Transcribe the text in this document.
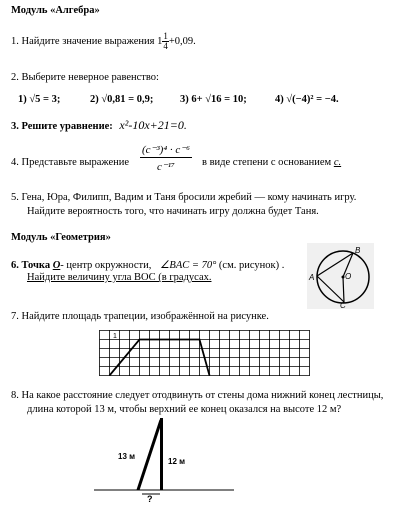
Модуль «Алгебра»
1. Найдите значение выражения $1 \frac{1}{4} +0,09$.
2. Выберите неверное равенство:
1) √5 = 3;	2) √0,81 = 0,9;	3) 6+ √16 = 10;	4) √(−4)² = −4.
3. Решите уравнение: x²-10x+21=0.
4. Представьте выражение $\frac{\text{(c⁻³)⁴ · c⁻⁶}}{\text{c⁻¹⁷}}$ в виде степени с основанием c.
5. Гена, Юра, Филипп, Вадим и Таня бросили жребий — кому начинать игру.
Найдите вероятность того, что начинать игру должна будет Таня.
Модуль «Геометрия»
6. Точка O- центр окружности, ∠BAC = 70° (см. рисунок) .
Найдите величину угла BOC (в градусах.	A
B
C
O
7. Найдите площадь трапеции, изображённой на рисунке.
1
8. На какое расстояние следует отодвинуть от стены дома нижний конец лестницы,
длина которой 13 м, чтобы верхний ее конец оказался на высоте 12 м?
13 м
12 м
?
